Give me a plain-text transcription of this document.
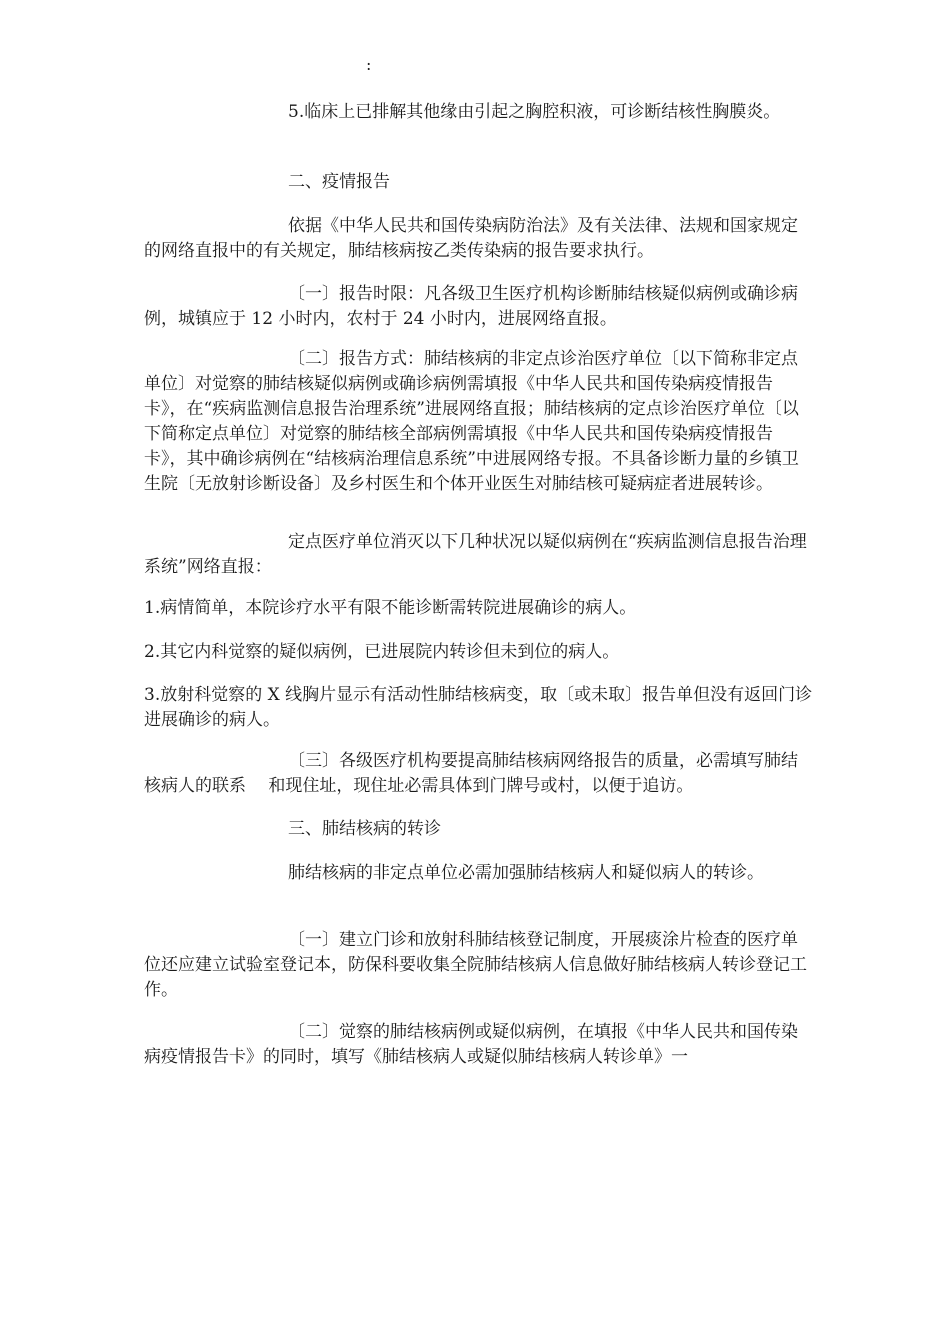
:

5.临床上已排解其他缘由引起之胸腔积液，可诊断结核性胸膜炎。

二、疫情报告

依据《中华人民共和国传染病防治法》及有关法律、法规和国家规定的网络直报中的有关规定，肺结核病按乙类传染病的报告要求执行。

〔一〕报告时限：凡各级卫生医疗机构诊断肺结核疑似病例或确诊病例，城镇应于 12 小时内，农村于 24 小时内，进展网络直报。

〔二〕报告方式：肺结核病的非定点诊治医疗单位〔以下简称非定点单位〕对觉察的肺结核疑似病例或确诊病例需填报《中华人民共和国传染病疫情报告卡》，在“疾病监测信息报告治理系统”进展网络直报；肺结核病的定点诊治医疗单位〔以下简称定点单位〕对觉察的肺结核全部病例需填报《中华人民共和国传染病疫情报告卡》，其中确诊病例在“结核病治理信息系统”中进展网络专报。不具备诊断力量的乡镇卫生院〔无放射诊断设备〕及乡村医生和个体开业医生对肺结核可疑病症者进展转诊。

定点医疗单位消灭以下几种状况以疑似病例在“疾病监测信息报告治理系统”网络直报：

1.病情简单，本院诊疗水平有限不能诊断需转院进展确诊的病人。

2.其它内科觉察的疑似病例，已进展院内转诊但未到位的病人。

3.放射科觉察的 X 线胸片显示有活动性肺结核病变，取〔或未取〕报告单但没有返回门诊进展确诊的病人。

〔三〕各级医疗机构要提高肺结核病网络报告的质量，必需填写肺结核病人的联系　 和现住址，现住址必需具体到门牌号或村，以便于追访。

三、肺结核病的转诊

肺结核病的非定点单位必需加强肺结核病人和疑似病人的转诊。

〔一〕建立门诊和放射科肺结核登记制度，开展痰涂片检查的医疗单位还应建立试验室登记本，防保科要收集全院肺结核病人信息做好肺结核病人转诊登记工作。

〔二〕觉察的肺结核病例或疑似病例，在填报《中华人民共和国传染病疫情报告卡》的同时，填写《肺结核病人或疑似肺结核病人转诊单》一
